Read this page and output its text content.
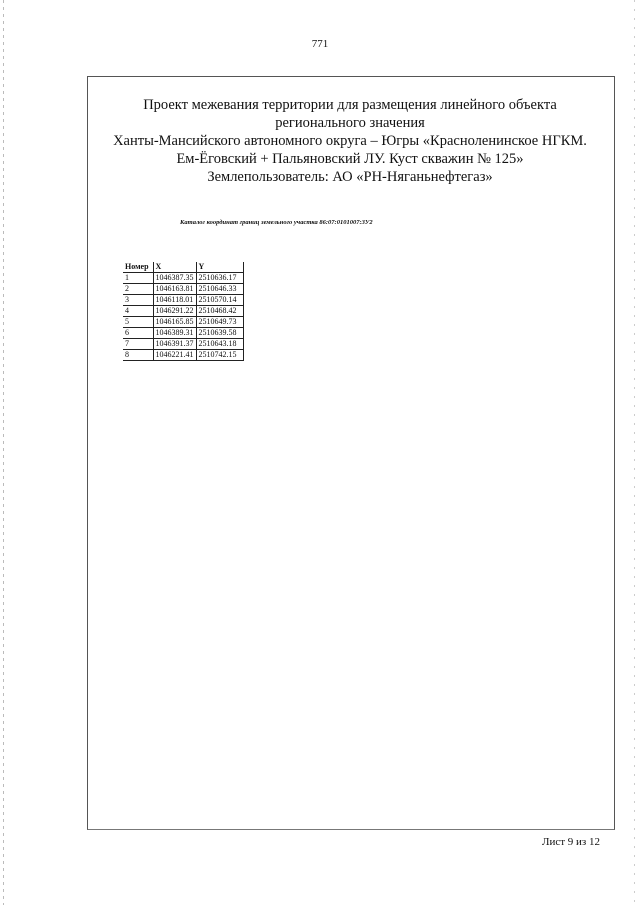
771
Проект межевания территории для размещения линейного объекта
регионального значения
Ханты-Мансийского автономного округа – Югры «Красноленинское НГКМ.
Ем-Ёговский + Пальяновский ЛУ. Куст скважин № 125»
Землепользователь: АО «РН-Няганьнефтегаз»
Каталог координат границ земельного участка 86:07:0101007:ЗУ2
Номер	X	Y
1	1046387.35	2510636.17
2	1046163.81	2510646.33
3	1046118.01	2510570.14
4	1046291.22	2510468.42
5	1046165.85	2510649.73
6	1046389.31	2510639.58
7	1046391.37	2510643.18
8	1046221.41	2510742.15
Лист 9 из 12
